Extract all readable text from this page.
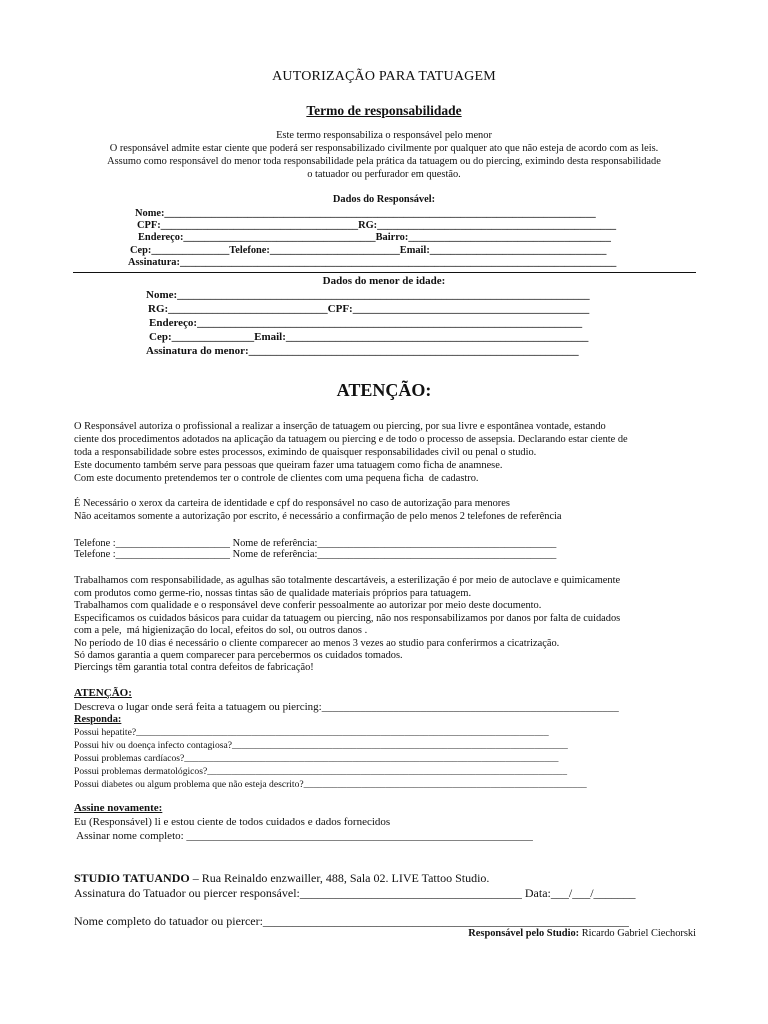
AUTORIZAÇÃO PARA TATUAGEM
Termo de responsabilidade
Este termo responsabiliza o responsável pelo menor
O responsável admite estar ciente que poderá ser responsabilizado civilmente por qualquer ato que não esteja de acordo com as leis.
Assumo como responsável do menor toda responsabilidade pela prática da tatuagem ou do piercing, eximindo desta responsabilidade
o tatuador ou perfurador em questão.
Dados do Responsável:
Nome:___________________________________________________________________________________
CPF:______________________________________RG:______________________________________________
Endereço:_____________________________________Bairro:_______________________________________
Cep:_______________Telefone:_________________________Email:__________________________________
Assinatura:____________________________________________________________________________________
Dados do menor de idade:
Nome:___________________________________________________________________________
RG:_____________________________CPF:___________________________________________
Endereço:______________________________________________________________________
Cep:_______________Email:_______________________________________________________
Assinatura do menor:____________________________________________________________
ATENÇÃO:
O Responsável autoriza o profissional a realizar a inserção de tatuagem ou piercing, por sua livre e espontânea vontade, estando
ciente dos procedimentos adotados na aplicação da tatuagem ou piercing e de todo o processo de assepsia. Declarando estar ciente de
toda a responsabilidade sobre estes processos, eximindo de quaisquer responsabilidades civil ou penal o studio.
Este documento também serve para pessoas que queiram fazer uma tatuagem como ficha de anamnese.
Com este documento pretendemos ter o controle de clientes com uma pequena ficha  de cadastro.
É Necessário o xerox da carteira de identidade e cpf do responsável no caso de autorização para menores
Não aceitamos somente a autorização por escrito, é necessário a confirmação de pelo menos 2 telefones de referência
Telefone :______________________ Nome de referência:______________________________________________
Telefone :______________________ Nome de referência:______________________________________________
Trabalhamos com responsabilidade, as agulhas são totalmente descartáveis, a esterilização é por meio de autoclave e quimicamente
com produtos como germe-rio, nossas tintas são de qualidade materiais próprios para tatuagem.
Trabalhamos com qualidade e o responsável deve conferir pessoalmente ao autorizar por meio deste documento.
Especificamos os cuidados básicos para cuidar da tatuagem ou piercing, não nos responsabilizamos por danos por falta de cuidados
com a pele,  má higienização do local, efeitos do sol, ou outros danos .
No período de 10 dias é necessário o cliente comparecer ao menos 3 vezes ao studio para conferirmos a cicatrização.
Só damos garantia a quem comparecer para percebermos os cuidados tomados.
Piercings têm garantia total contra defeitos de fabricação!
ATENÇÃO:
Descreva o lugar onde será feita a tatuagem ou piercing:______________________________________________________
Responda:
Possui hepatite?______________________________________________________________________________________
Possui hiv ou doença infecto contagiosa?______________________________________________________________________
Possui problemas cardíacos?______________________________________________________________________________
Possui problemas dermatológicos?___________________________________________________________________________
Possui diabetes ou algum problema que não esteja descrito?___________________________________________________________
Assine novamente:
Eu (Responsável) li e estou ciente de todos cuidados e dados fornecidos
Assinar nome completo: _______________________________________________________________
STUDIO TATUANDO – Rua Reinaldo enzwailler, 488, Sala 02. LIVE Tattoo Studio.
Assinatura do Tatuador ou piercer responsável:_____________________________________ Data:___/___/_______
Nome completo do tatuador ou piercer:_____________________________________________________________
Responsável pelo Studio: Ricardo Gabriel Ciechorski
